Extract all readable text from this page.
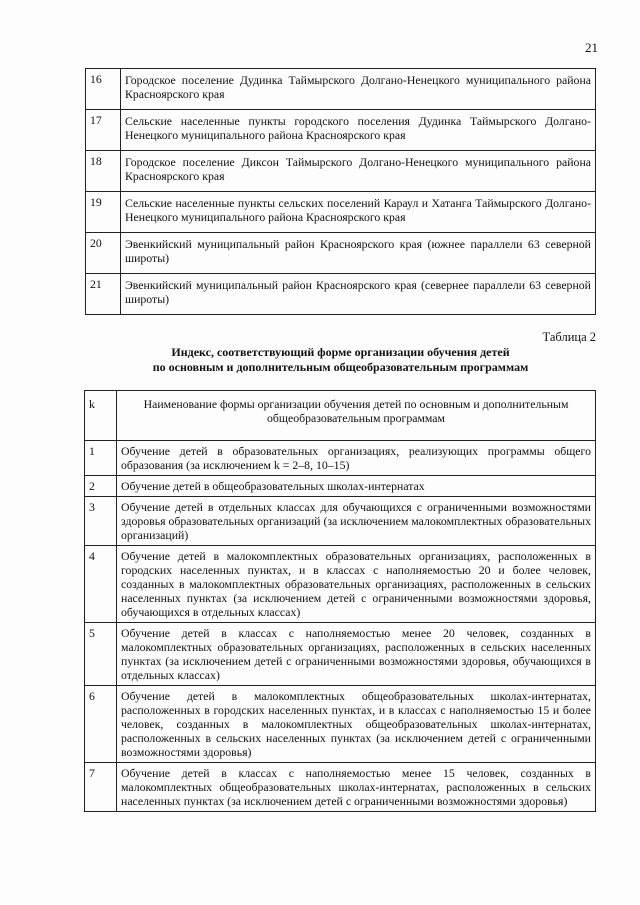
21
16	Городское поселение Дудинка Таймырского Долгано-Ненецкого муниципального района Красноярского края
17	Сельские населенные пункты городского поселения Дудинка Таймырского Долгано-Ненецкого муниципального района Красноярского края
18	Городское поселение Диксон Таймырского Долгано-Ненецкого муниципального района Красноярского края
19	Сельские населенные пункты сельских поселений Караул и Хатанга Таймырского Долгано-Ненецкого муниципального района Красноярского края
20	Эвенкийский муниципальный район Красноярского края (южнее параллели 63 северной широты)
21	Эвенкийский муниципальный район Красноярского края (севернее параллели 63 северной широты)
Таблица 2
Индекс, соответствующий форме организации обучения детей
по основным и дополнительным общеобразовательным программам
k	Наименование формы организации обучения детей по основным и дополнительным общеобразовательным программам
1	Обучение детей в образовательных организациях, реализующих программы общего образования (за исключением k = 2–8, 10–15)
2	Обучение детей в общеобразовательных школах-интернатах
3	Обучение детей в отдельных классах для обучающихся с ограниченными возможностями здоровья образовательных организаций (за исключением малокомплектных образовательных организаций)
4	Обучение детей в малокомплектных образовательных организациях, расположенных в городских населенных пунктах, и в классах с наполняемостью 20 и более человек, созданных в малокомплектных образовательных организациях, расположенных в сельских населенных пунктах (за исключением детей с ограниченными возможностями здоровья, обучающихся в отдельных классах)
5	Обучение детей в классах с наполняемостью менее 20 человек, созданных в малокомплектных образовательных организациях, расположенных в сельских населенных пунктах (за исключением детей с ограниченными возможностями здоровья, обучающихся в отдельных классах)
6	Обучение детей в малокомплектных общеобразовательных школах-интернатах, расположенных в городских населенных пунктах, и в классах с наполняемостью 15 и более человек, созданных в малокомплектных общеобразовательных школах-интернатах, расположенных в сельских населенных пунктах (за исключением детей с ограниченными возможностями здоровья)
7	Обучение детей в классах с наполняемостью менее 15 человек, созданных в малокомплектных общеобразовательных школах-интернатах, расположенных в сельских населенных пунктах (за исключением детей с ограниченными возможностями здоровья)
